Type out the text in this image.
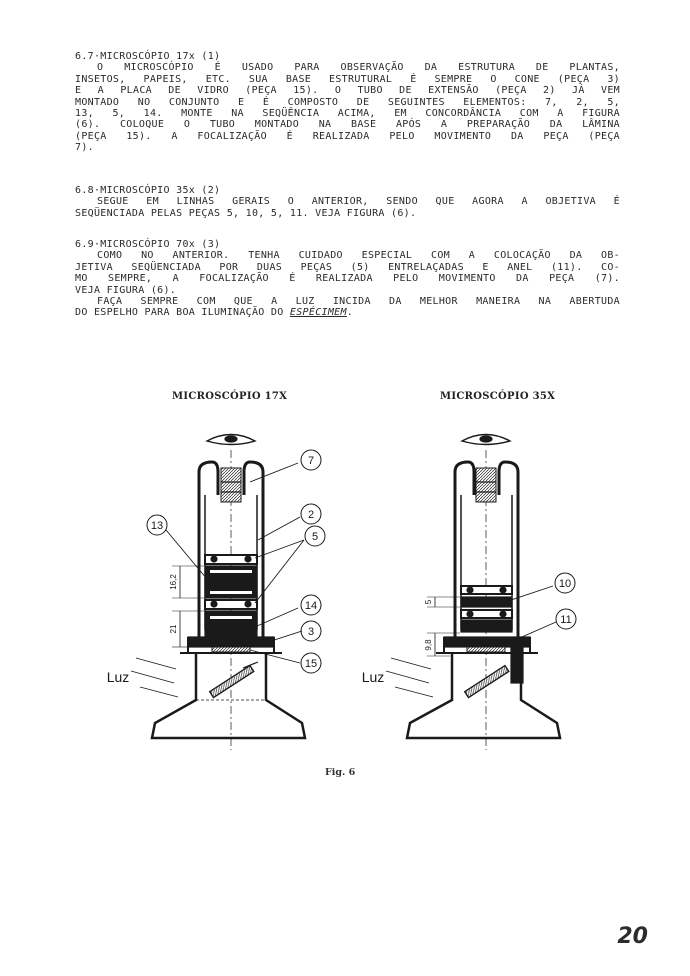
6.7·MICROSCÓPIO 17x (1)
O MICROSCÓPIO É USADO PARA OBSERVAÇÃO DA ESTRUTURA DE PLANTAS,
INSETOS, PAPEIS, ETC. SUA BASE ESTRUTURAL É SEMPRE O CONE (PEÇA 3)
E A PLACA DE VIDRO (PEÇA 15). O TUBO DE EXTENSÃO (PEÇA 2) JÁ VEM
MONTADO NO CONJUNTO E É COMPOSTO DE SEGUINTES ELEMENTOS: 7, 2, 5,
13, 5, 14. MONTE NA SEQÜÊNCIA ACIMA, EM CONCORDÂNCIA COM A FIGURA
(6). COLOQUE O TUBO MONTADO NA BASE APÓS A PREPARAÇÃO DA LÂMINA
(PEÇA 15). A FOCALIZAÇÃO É REALIZADA PELO MOVIMENTO DA PEÇA (PEÇA
7).
6.8·MICROSCÓPIO 35x (2)
SEGUE EM LINHAS GERAIS O ANTERIOR, SENDO QUE AGORA A OBJETIVA É
SEQÜENCIADA PELAS PEÇAS 5, 10, 5, 11. VEJA FIGURA (6).
6.9·MICROSCÓPIO 70x (3)
COMO NO ANTERIOR. TENHA CUIDADO ESPECIAL COM A COLOCAÇÃO DA OB-
JETIVA SEQÜENCIADA POR DUAS PEÇAS (5) ENTRELAÇADAS E ANEL (11). CO-
MO SEMPRE, A FOCALIZAÇÃO É REALIZADA PELO MOVIMENTO DA PEÇA (7).
VEJA FIGURA (6).
FAÇA SEMPRE COM QUE A LUZ INCIDA DA MELHOR MANEIRA NA ABERTUDA
DO ESPELHO PARA BOA ILUMINAÇÃO DO ESPÉCIMEM.
MICROSCÓPIO 17X	MICROSCÓPIO 35X
7
2
5
13
14
3
15
Luz
16,2
21
10
11
Luz
5
9,8
Fig. 6
20
